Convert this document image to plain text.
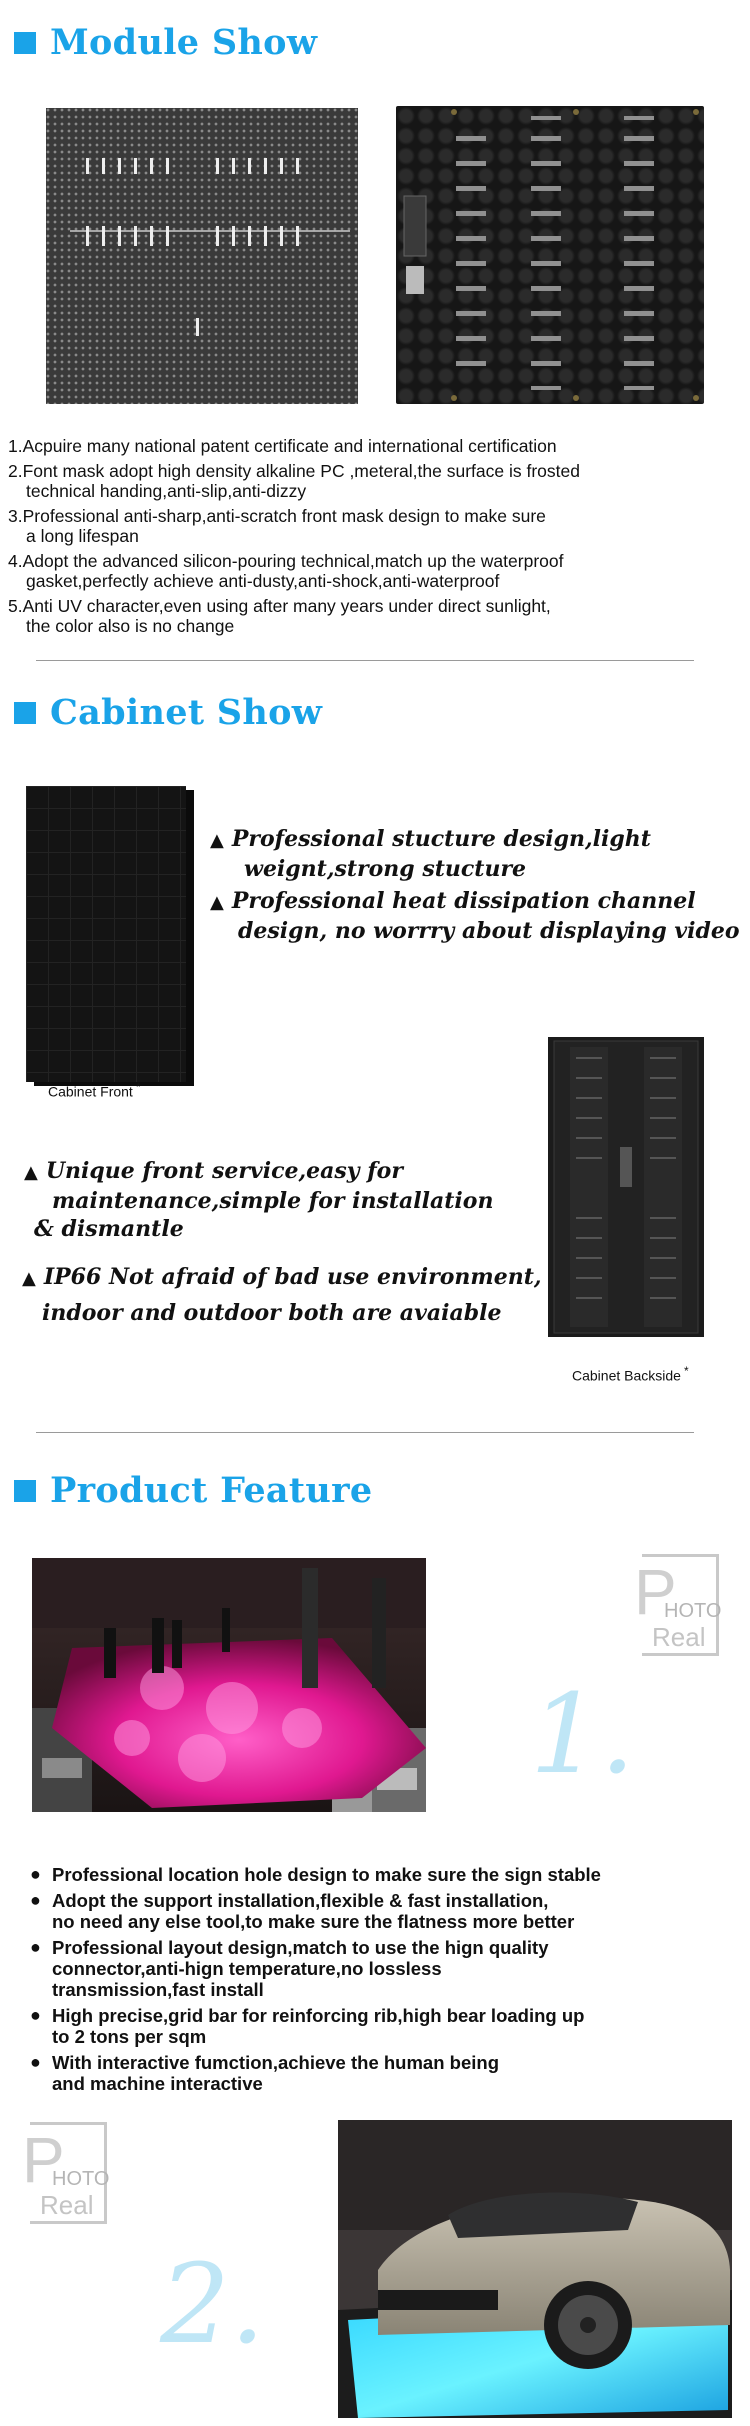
Module Show
1.Acpuire many national patent certificate and international certification
2.Font mask adopt high density alkaline PC ,meteral,the surface is frosted
technical handing,anti-slip,anti-dizzy
3.Professional anti-sharp,anti-scratch front mask design to make sure
a long lifespan
4.Adopt the advanced silicon-pouring technical,match up the waterproof
gasket,perfectly achieve anti-dusty,anti-shock,anti-waterproof
5.Anti UV character,even using after many years under direct sunlight,
the color also is no change
Cabinet Show
Cabinet Front *
▲ Professional stucture design,light
weignt,strong stucture
▲ Professional heat dissipation channel
design, no worrry about displaying video
Cabinet Backside *
▲ Unique front service,easy for
maintenance,simple for installation
& dismantle
▲ IP66 Not afraid of bad use environment,
indoor and outdoor both are avaiable
Product Feature
P
HOTO
Real
1.
● Professional location hole design to make sure the sign stable
● Adopt the support installation,flexible & fast installation,
no need any else tool,to make sure the flatness more better
● Professional layout design,match to use the hign quality
connector,anti-hign temperature,no lossless
transmission,fast install
● High precise,grid bar for reinforcing rib,high bear loading up
to 2 tons per sqm
● With interactive fumction,achieve the human being
and machine interactive
P
HOTO
Real
2.
